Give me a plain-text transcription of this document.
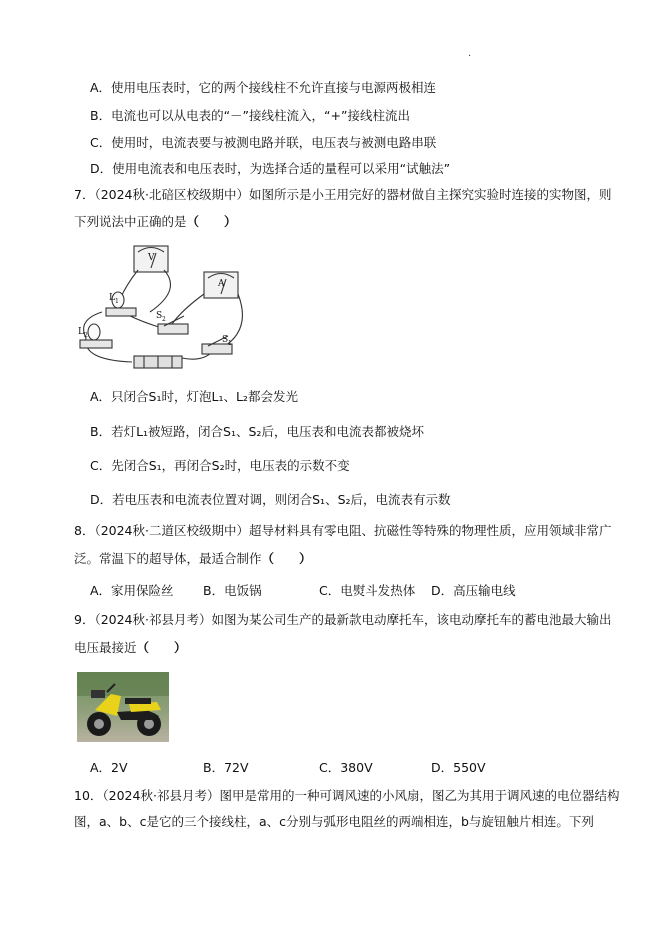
·
A．使用电压表时，它的两个接线柱不允许直接与电源两极相连
B．电流也可以从电表的“－”接线柱流入，“+”接线柱流出
C．使用时，电流表要与被测电路并联，电压表与被测电路串联
D．使用电流表和电压表时，为选择合适的量程可以采用“试触法”
7．（2024秋·北碚区校级期中）如图所示是小王用完好的器材做自主探究实验时连接的实物图，则
下列说法中正确的是（　　）
V
A
L 1
L 2
S 2
S 1
A．只闭合S₁时，灯泡L₁、L₂都会发光
B．若灯L₁被短路，闭合S₁、S₂后，电压表和电流表都被烧坏
C．先闭合S₁，再闭合S₂时，电压表的示数不变
D．若电压表和电流表位置对调，则闭合S₁、S₂后，电流表有示数
8．（2024秋·二道区校级期中）超导材料具有零电阻、抗磁性等特殊的物理性质，应用领域非常广
泛。常温下的超导体，最适合制作（　　）
A．家用保险丝 B．电饭锅	C．电熨斗发热体 D．高压输电线
9．（2024秋·祁县月考）如图为某公司生产的最新款电动摩托车，该电动摩托车的蓄电池最大输出
电压最接近（　　）
A．2V	B．72V	C．380V	D．550V
10．（2024秋·祁县月考）图甲是常用的一种可调风速的小风扇，图乙为其用于调风速的电位器结构
图，a、b、c是它的三个接线柱，a、c分别与弧形电阻丝的两端相连，b与旋钮触片相连。下列
